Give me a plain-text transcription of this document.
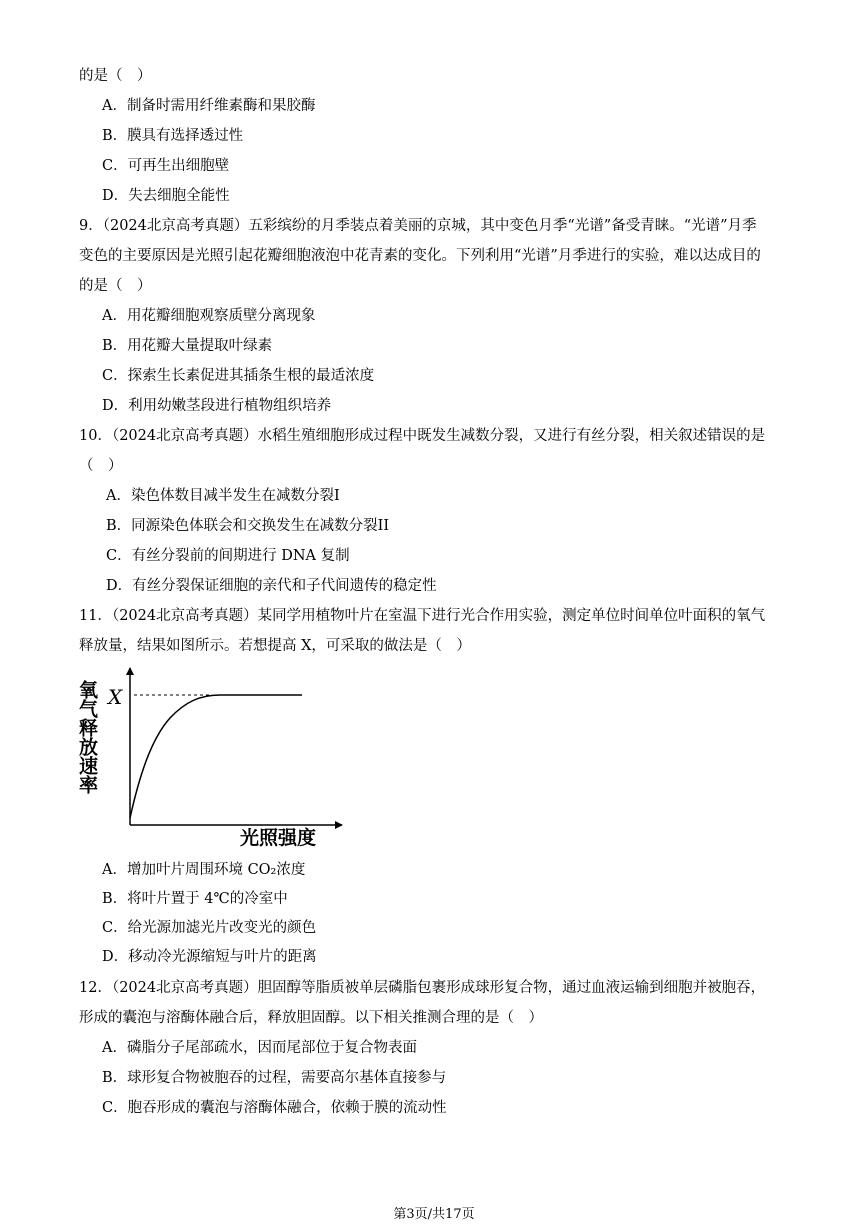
的是（　）
A．制备时需用纤维素酶和果胶酶
B．膜具有选择透过性
C．可再生出细胞壁
D．失去细胞全能性
9．（2024北京高考真题）五彩缤纷的月季装点着美丽的京城，其中变色月季“光谱”备受青睐。“光谱”月季
变色的主要原因是光照引起花瓣细胞液泡中花青素的变化。下列利用“光谱”月季进行的实验，难以达成目的
的是（　）
A．用花瓣细胞观察质壁分离现象
B．用花瓣大量提取叶绿素
C．探索生长素促进其插条生根的最适浓度
D．利用幼嫩茎段进行植物组织培养
10．（2024北京高考真题）水稻生殖细胞形成过程中既发生减数分裂，又进行有丝分裂，相关叙述错误的是
（　）
A．染色体数目减半发生在减数分裂I
B．同源染色体联会和交换发生在减数分裂II
C．有丝分裂前的间期进行 DNA 复制
D．有丝分裂保证细胞的亲代和子代间遗传的稳定性
11．（2024北京高考真题）某同学用植物叶片在室温下进行光合作用实验，测定单位时间单位叶面积的氧气
释放量，结果如图所示。若想提高 X，可采取的做法是（　）
X
氧气释放速率
光照强度
A．增加叶片周围环境 CO₂浓度
B．将叶片置于 4℃的冷室中
C．给光源加滤光片改变光的颜色
D．移动冷光源缩短与叶片的距离
12．（2024北京高考真题）胆固醇等脂质被单层磷脂包裹形成球形复合物，通过血液运输到细胞并被胞吞，
形成的囊泡与溶酶体融合后，释放胆固醇。以下相关推测合理的是（　）
A．磷脂分子尾部疏水，因而尾部位于复合物表面
B．球形复合物被胞吞的过程，需要高尔基体直接参与
C．胞吞形成的囊泡与溶酶体融合，依赖于膜的流动性
第3页/共17页
